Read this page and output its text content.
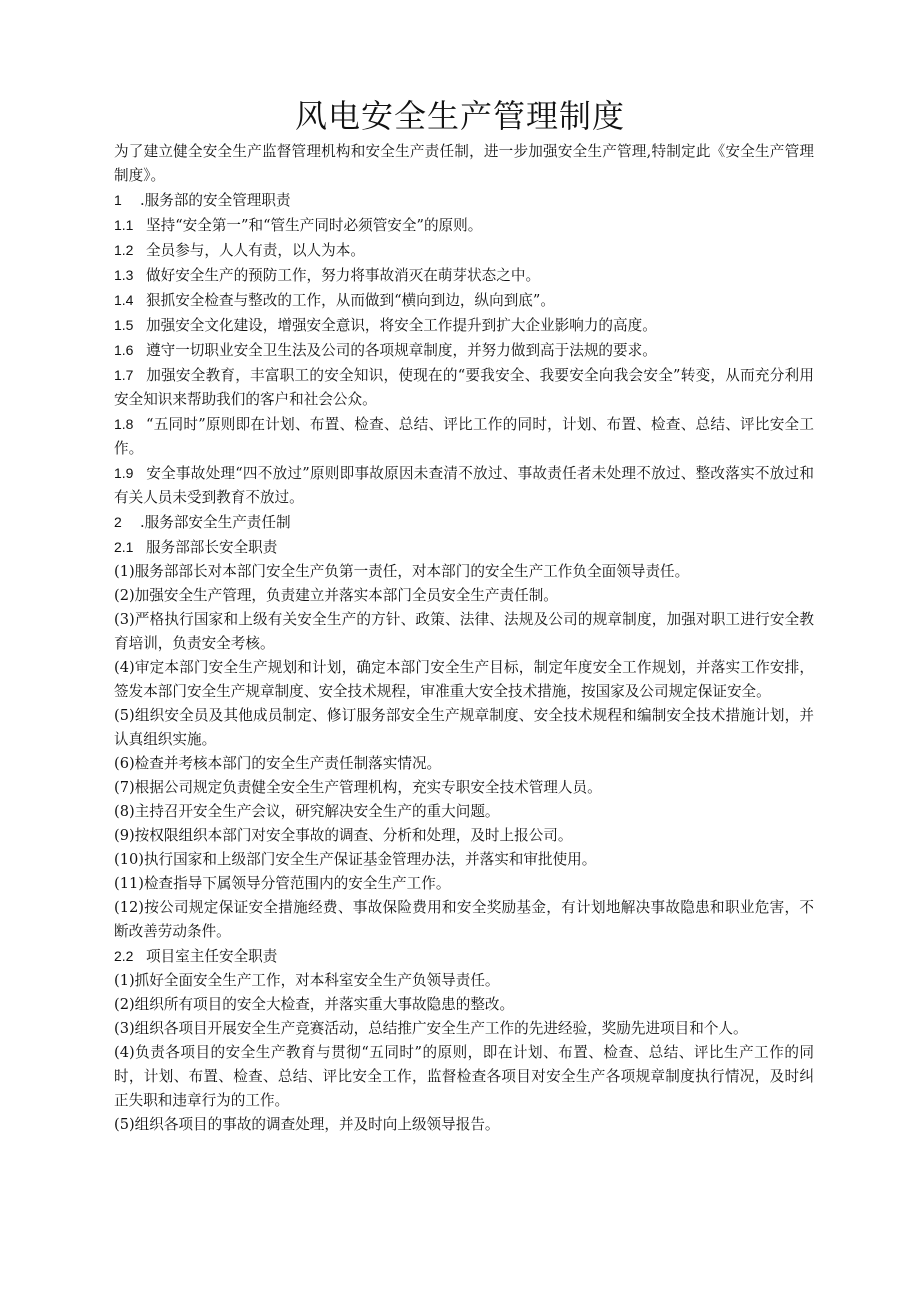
风电安全生产管理制度

为了建立健全安全生产监督管理机构和安全生产责任制，进一步加强安全生产管理,特制定此《安全生产管理制度》。

1 .服务部的安全管理职责

1.1 坚持“安全第一”和“管生产同时必须管安全”的原则。

1.2 全员参与，人人有责，以人为本。

1.3 做好安全生产的预防工作，努力将事故消灭在萌芽状态之中。

1.4 狠抓安全检查与整改的工作，从而做到“横向到边，纵向到底”。

1.5 加强安全文化建设，增强安全意识，将安全工作提升到扩大企业影响力的高度。

1.6 遵守一切职业安全卫生法及公司的各项规章制度，并努力做到高于法规的要求。

1.7 加强安全教育，丰富职工的安全知识，使现在的“要我安全、我要安全向我会安全”转变，从而充分利用安全知识来帮助我们的客户和社会公众。

1.8 “五同时”原则即在计划、布置、检查、总结、评比工作的同时，计划、布置、检查、总结、评比安全工作。

1.9 安全事故处理“四不放过”原则即事故原因未查清不放过、事故责任者未处理不放过、整改落实不放过和有关人员未受到教育不放过。

2 .服务部安全生产责任制

2.1 服务部部长安全职责

(1)服务部部长对本部门安全生产负第一责任，对本部门的安全生产工作负全面领导责任。

(2)加强安全生产管理，负责建立并落实本部门全员安全生产责任制。

(3)严格执行国家和上级有关安全生产的方针、政策、法律、法规及公司的规章制度，加强对职工进行安全教育培训，负责安全考核。

(4)审定本部门安全生产规划和计划，确定本部门安全生产目标，制定年度安全工作规划，并落实工作安排，签发本部门安全生产规章制度、安全技术规程，审准重大安全技术措施，按国家及公司规定保证安全。

(5)组织安全员及其他成员制定、修订服务部安全生产规章制度、安全技术规程和编制安全技术措施计划，并认真组织实施。

(6)检查并考核本部门的安全生产责任制落实情况。

(7)根据公司规定负责健全安全生产管理机构，充实专职安全技术管理人员。

(8)主持召开安全生产会议，研究解决安全生产的重大问题。

(9)按权限组织本部门对安全事故的调查、分析和处理，及时上报公司。

(10)执行国家和上级部门安全生产保证基金管理办法，并落实和审批使用。

(11)检查指导下属领导分管范围内的安全生产工作。

(12)按公司规定保证安全措施经费、事故保险费用和安全奖励基金，有计划地解决事故隐患和职业危害，不断改善劳动条件。

2.2 项目室主任安全职责

(1)抓好全面安全生产工作，对本科室安全生产负领导责任。

(2)组织所有项目的安全大检查，并落实重大事故隐患的整改。

(3)组织各项目开展安全生产竞赛活动，总结推广安全生产工作的先进经验，奖励先进项目和个人。

(4)负责各项目的安全生产教育与贯彻“五同时”的原则，即在计划、布置、检查、总结、评比生产工作的同时，计划、布置、检查、总结、评比安全工作，监督检查各项目对安全生产各项规章制度执行情况，及时纠正失职和违章行为的工作。

(5)组织各项目的事故的调查处理，并及时向上级领导报告。
